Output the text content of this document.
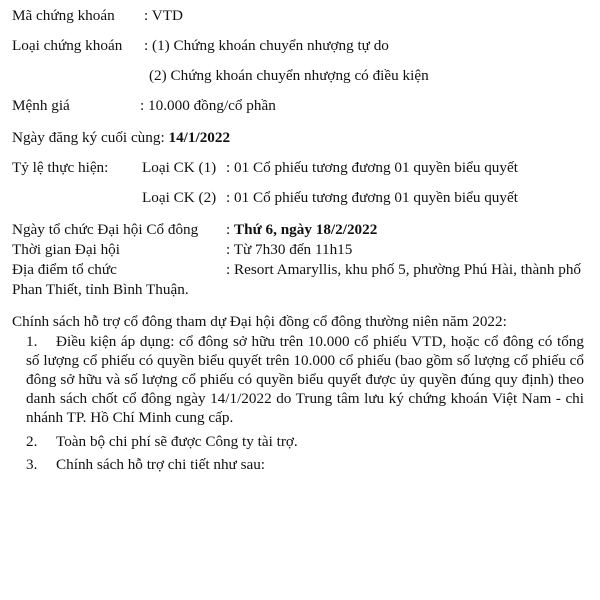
Mã chứng khoán : VTD
Loại chứng khoán : (1) Chứng khoán chuyển nhượng tự do
(2) Chứng khoán chuyển nhượng có điều kiện
Mệnh giá	: 10.000 đồng/cổ phần
Ngày đăng ký cuối cùng: 14/1/2022
Tỷ lệ thực hiện: Loại CK (1) : 01 Cổ phiếu tương đương 01 quyền biểu quyết
Loại CK (2) : 01 Cổ phiếu tương đương 01 quyền biểu quyết
Ngày tổ chức Đại hội Cổ đông : Thứ 6, ngày 18/2/2022
Thời gian Đại hội	: Từ 7h30 đến 11h15
Địa điểm tổ chức	: Resort Amaryllis, khu phố 5, phường Phú Hài, thành phố
Phan Thiết, tỉnh Bình Thuận.
Chính sách hỗ trợ cổ đông tham dự Đại hội đồng cổ đông thường niên năm 2022:
1.	Điều kiện áp dụng: cổ đông sở hữu trên 10.000 cổ phiếu VTD, hoặc cổ đông có tổng số lượng cổ phiếu có quyền biểu quyết trên 10.000 cổ phiếu (bao gồm số lượng cổ phiếu cổ đông sở hữu và số lượng cổ phiếu có quyền biểu quyết được ủy quyền đúng quy định) theo danh sách chốt cổ đông ngày 14/1/2022 do Trung tâm lưu ký chứng khoán Việt Nam - chi nhánh TP. Hồ Chí Minh cung cấp.
2. Toàn bộ chi phí sẽ được Công ty tài trợ.
3. Chính sách hỗ trợ chi tiết như sau:
